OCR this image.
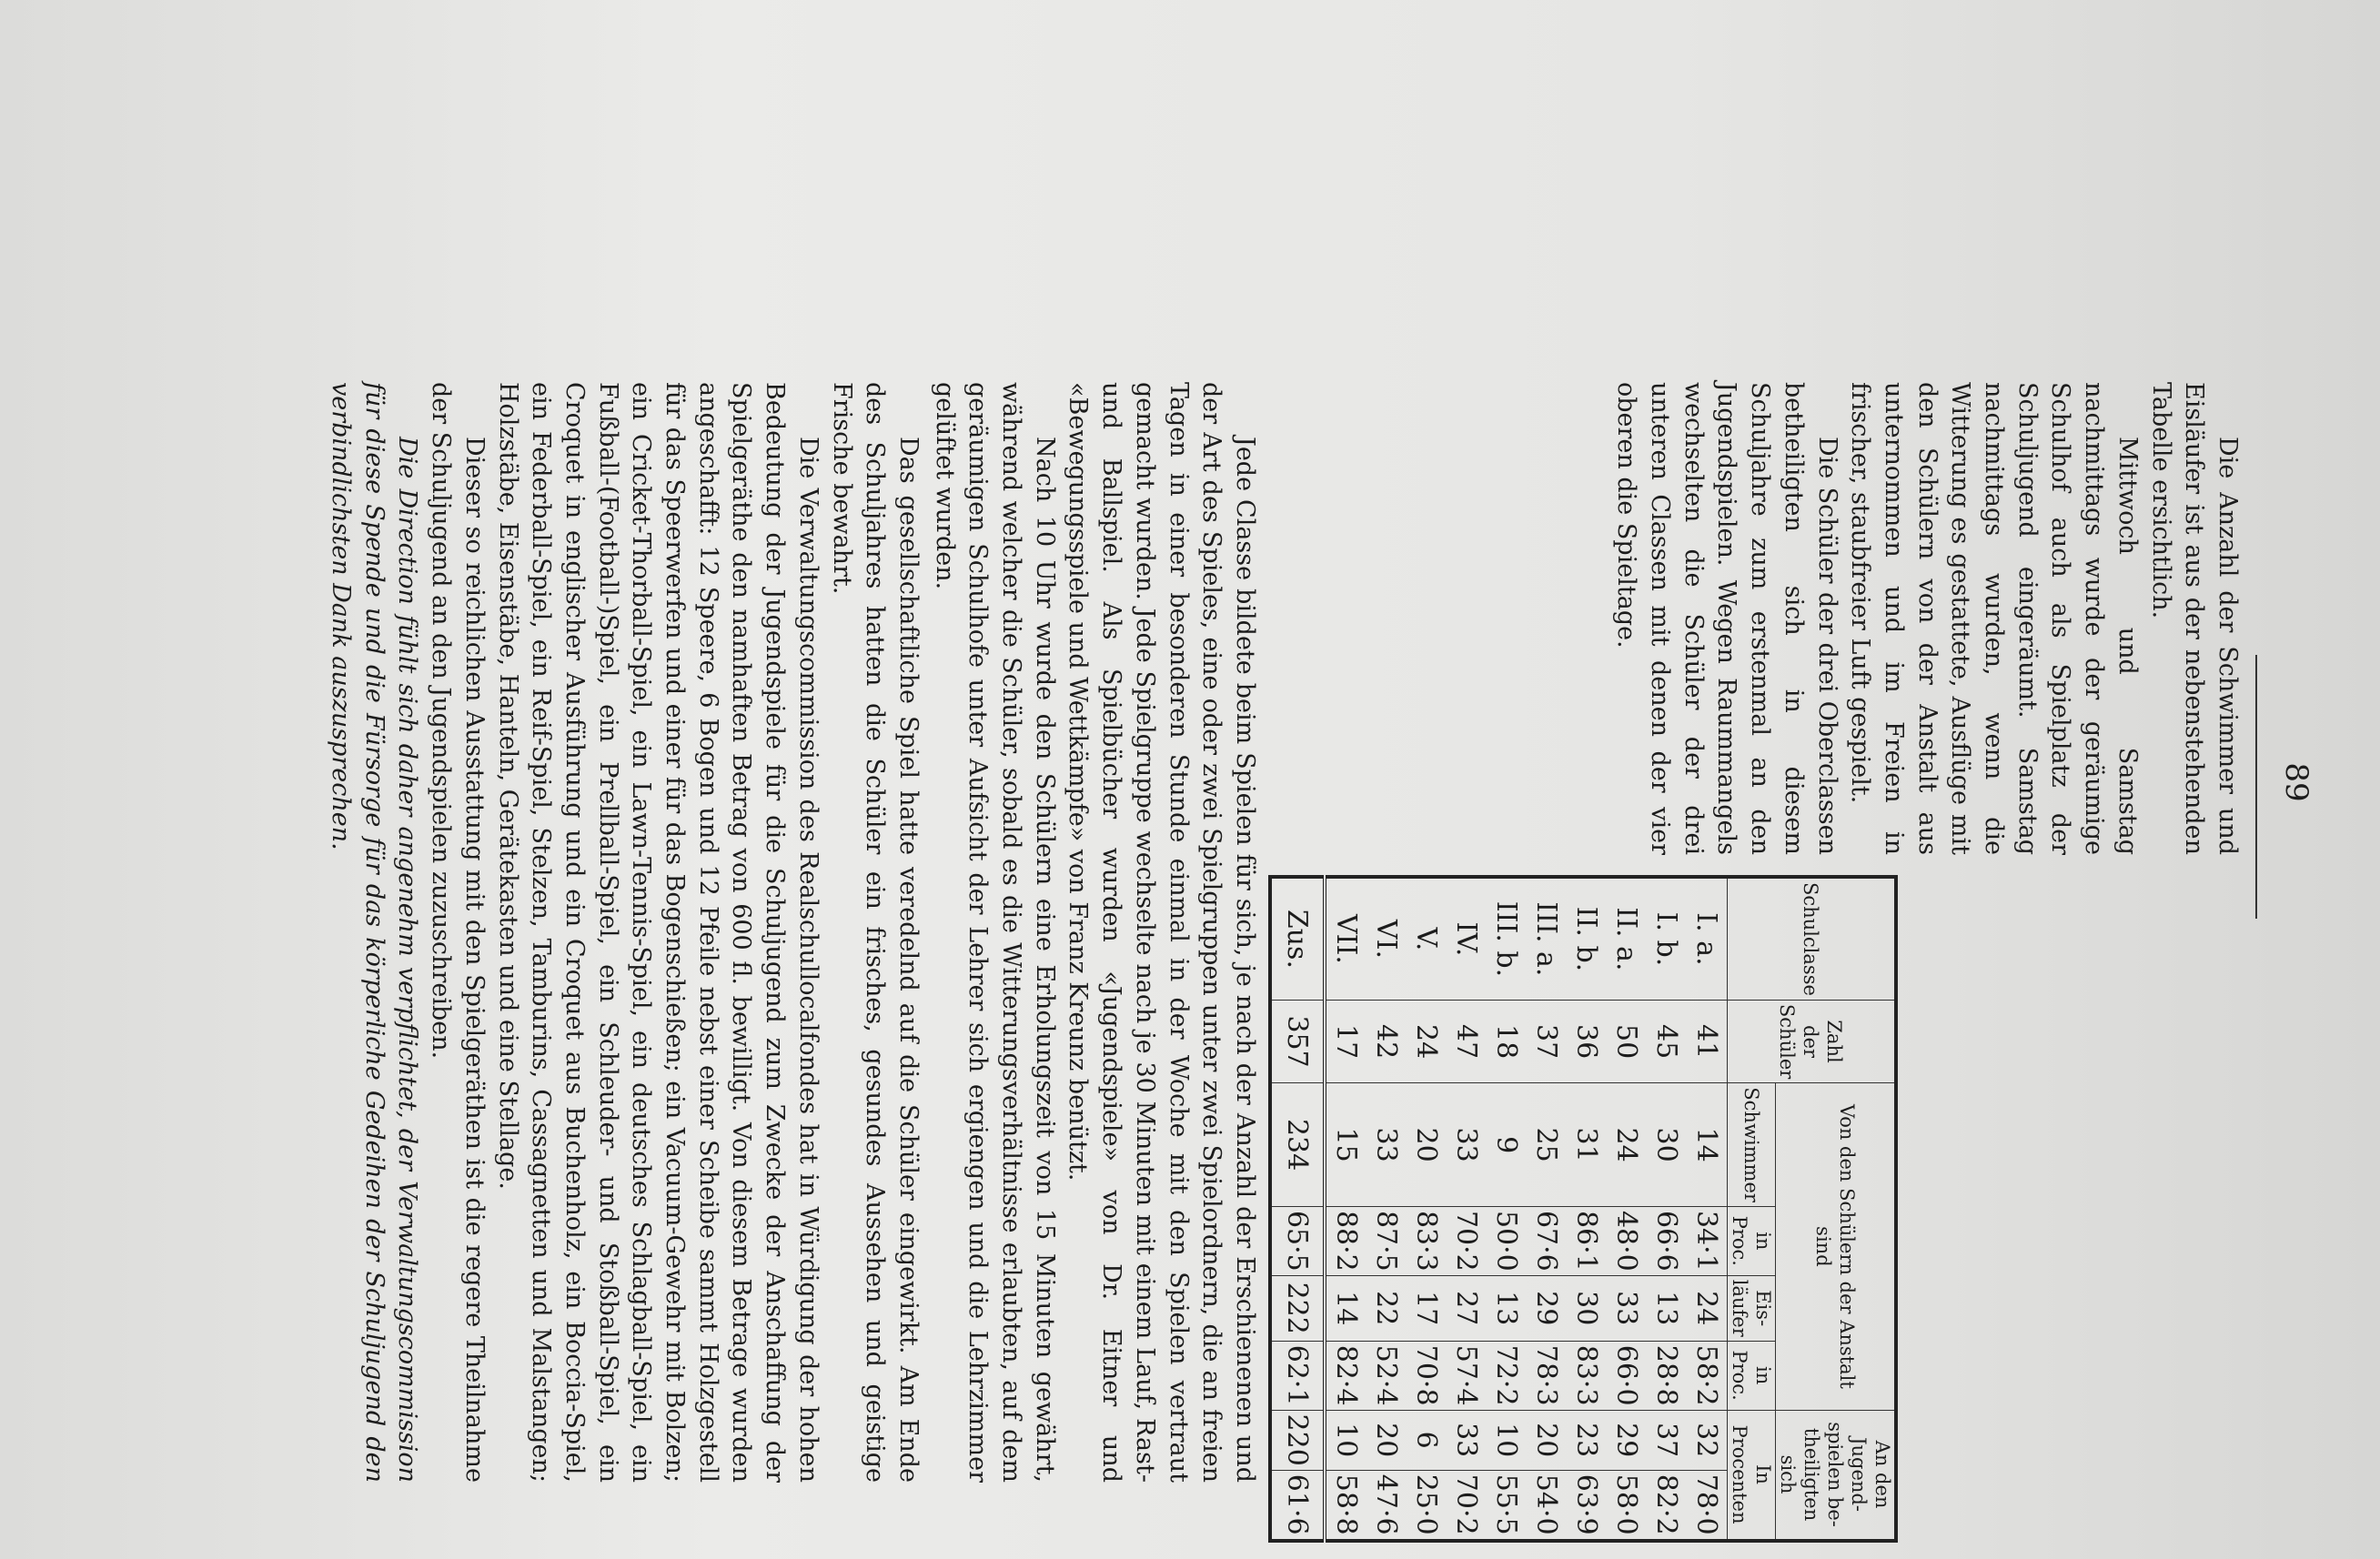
89

Die Anzahl der Schwimmer und Eisläufer ist aus der nebenstehenden Tabelle ersichtlich.

Mittwoch und Samstag nachmittags wurde der geräumige Schulhof auch als Spielplatz der Schuljugend eingeräumt. Samstag nachmittags wurden, wenn die Witterung es gestattete, Ausflüge mit den Schülern von der Anstalt aus unternommen und im Freien in frischer, staubfreier Luft gespielt.

Die Schüler der drei Oberclassen betheiligten sich in diesem Schuljahre zum erstenmal an den Jugendspielen. Wegen Raummangels wechselten die Schüler der drei unteren Classen mit denen der vier oberen die Spieltage.

Schulclasse	Zahl der Schüler	Von den Schülern der Anstalt sind				An den Jugend-spielen be-theiligten sich	
		Schwimmer	in Proc.	Eis-läufer	in Proc.	In Procenten	

I. a.	41	14	34·1	24	58·2	32	78·0
I. b.	45	30	66·6	13	28·8	37	82·2
II. a.	50	24	48·0	33	66·0	29	58·0
II. b.	36	31	86·1	30	83·3	23	63·9
III. a.	37	25	67·6	29	78·3	20	54·0
III. b.	18	9	50·0	13	72·2	10	55·5
IV.	47	33	70·2	27	57·4	33	70·2
V.	24	20	83·3	17	70·8	6	25·0
VI.	42	33	87·5	22	52·4	20	47·6
VII.	17	15	88·2	14	82·4	10	58·8
Zus.	357	234	65·5	222	62·1	220	61·6

Jede Classe bildete beim Spielen für sich, je nach der Anzahl der Erschienenen und der Art des Spieles, eine oder zwei Spielgruppen unter zwei Spielordnern, die an freien Tagen in einer besonderen Stunde einmal in der Woche mit den Spielen vertraut gemacht wurden. Jede Spielgruppe wechselte nach je 30 Minuten mit einem Lauf, Rast- und Ballspiel. Als Spielbücher wurden «Jugendspiele» von Dr. Eitner und «Bewegungsspiele und Wettkämpfe» von Franz Kreunz benützt.

Nach 10 Uhr wurde den Schülern eine Erholungszeit von 15 Minuten gewährt, während welcher die Schüler, sobald es die Witterungsverhältnisse erlaubten, auf dem geräumigen Schulhofe unter Aufsicht der Lehrer sich ergiengen und die Lehrzimmer gelüftet wurden.

Das gesellschaftliche Spiel hatte veredelnd auf die Schüler eingewirkt. Am Ende des Schuljahres hatten die Schüler ein frisches, gesundes Aussehen und geistige Frische bewahrt.

Die Verwaltungscommission des Realschullocalfondes hat in Würdigung der hohen Bedeutung der Jugendspiele für die Schuljugend zum Zwecke der Anschaffung der Spielgeräthe den namhaften Betrag von 600 fl. bewilligt. Von diesem Betrage wurden angeschafft: 12 Speere, 6 Bogen und 12 Pfeile nebst einer Scheibe sammt Holzgestell für das Speerwerfen und einer für das Bogenschießen; ein Vacuum-Gewehr mit Bolzen; ein Cricket-Thorball-Spiel, ein Lawn-Tennis-Spiel, ein deutsches Schlagball-Spiel, ein Fußball-(Football-)Spiel, ein Prellball-Spiel, ein Schleuder- und Stoßball-Spiel, ein Croquet in englischer Ausführung und ein Croquet aus Buchenholz, ein Boccia-Spiel, ein Federball-Spiel, ein Reif-Spiel, Stelzen, Tamburins, Cassagnetten und Malstangen; Holzstäbe, Eisenstäbe, Hanteln, Gerätekasten und eine Stellage.

Dieser so reichlichen Ausstattung mit den Spielgeräthen ist die regere Theilnahme der Schuljugend an den Jugendspielen zuzuschreiben.

Die Direction fühlt sich daher angenehm verpflichtet, der Verwaltungscommission für diese Spende und die Fürsorge für das körperliche Gedeihen der Schuljugend den verbindlichsten Dank auszusprechen.
